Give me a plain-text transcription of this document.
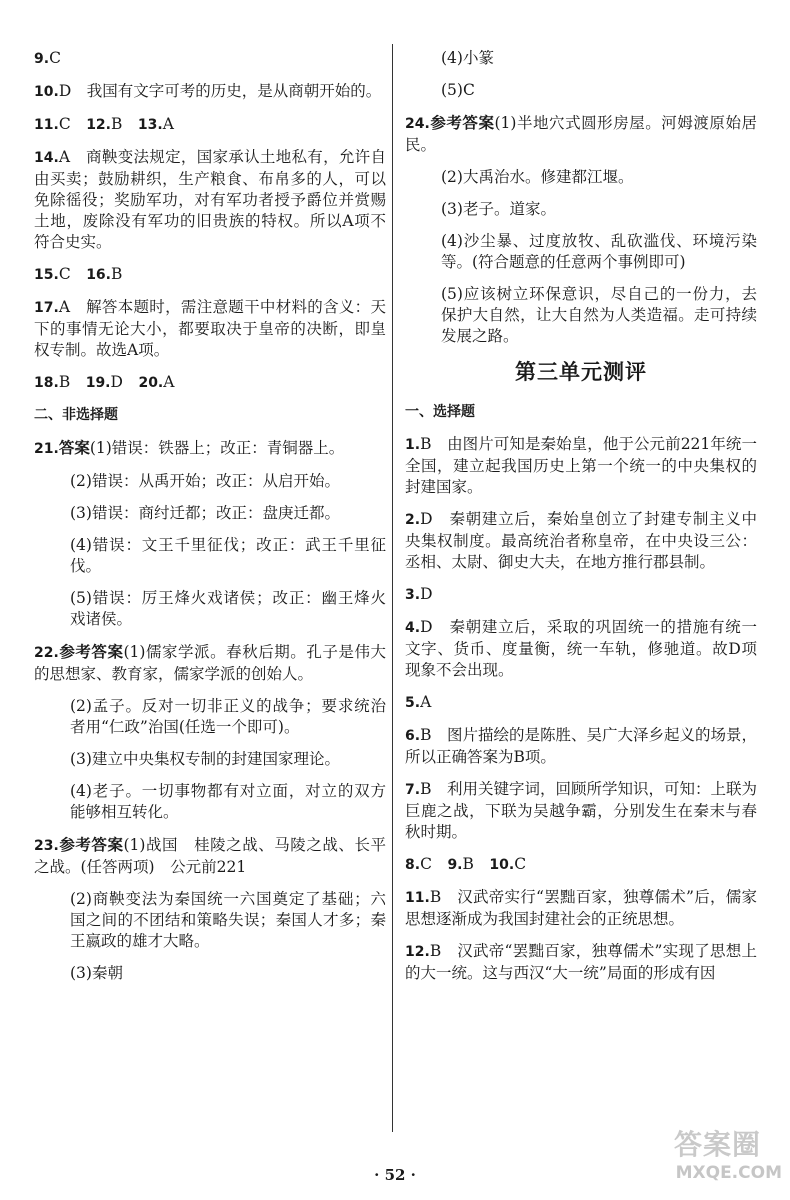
9.C

10.D　我国有文字可考的历史，是从商朝开始的。

11.C　12.B　13.A

14.A　商鞅变法规定，国家承认土地私有，允许自由买卖；鼓励耕织，生产粮食、布帛多的人，可以免除徭役；奖励军功，对有军功者授予爵位并赏赐土地，废除没有军功的旧贵族的特权。所以A项不符合史实。

15.C　16.B

17.A　解答本题时，需注意题干中材料的含义：天下的事情无论大小，都要取决于皇帝的决断，即皇权专制。故选A项。

18.B　19.D　20.A

二、非选择题

21.答案(1)错误：铁器上；改正：青铜器上。

(2)错误：从禹开始；改正：从启开始。

(3)错误：商纣迁都；改正：盘庚迁都。

(4)错误：文王千里征伐；改正：武王千里征伐。

(5)错误：厉王烽火戏诸侯；改正：幽王烽火戏诸侯。

22.参考答案(1)儒家学派。春秋后期。孔子是伟大的思想家、教育家，儒家学派的创始人。

(2)孟子。反对一切非正义的战争；要求统治者用“仁政”治国(任选一个即可)。

(3)建立中央集权专制的封建国家理论。

(4)老子。一切事物都有对立面，对立的双方能够相互转化。

23.参考答案(1)战国　桂陵之战、马陵之战、长平之战。(任答两项)　公元前221

(2)商鞅变法为秦国统一六国奠定了基础；六国之间的不团结和策略失误；秦国人才多；秦王嬴政的雄才大略。

(3)秦朝

(4)小篆

(5)C

24.参考答案(1)半地穴式圆形房屋。河姆渡原始居民。

(2)大禹治水。修建都江堰。

(3)老子。道家。

(4)沙尘暴、过度放牧、乱砍滥伐、环境污染等。(符合题意的任意两个事例即可)

(5)应该树立环保意识，尽自己的一份力，去保护大自然，让大自然为人类造福。走可持续发展之路。

第三单元测评

一、选择题

1.B　由图片可知是秦始皇，他于公元前221年统一全国，建立起我国历史上第一个统一的中央集权的封建国家。

2.D　秦朝建立后，秦始皇创立了封建专制主义中央集权制度。最高统治者称皇帝，在中央设三公：丞相、太尉、御史大夫，在地方推行郡县制。

3.D

4.D　秦朝建立后，采取的巩固统一的措施有统一文字、货币、度量衡，统一车轨，修驰道。故D项现象不会出现。

5.A

6.B　图片描绘的是陈胜、吴广大泽乡起义的场景，所以正确答案为B项。

7.B　利用关键字词，回顾所学知识，可知：上联为巨鹿之战，下联为吴越争霸，分别发生在秦末与春秋时期。

8.C　9.B　10.C

11.B　汉武帝实行“罢黜百家，独尊儒术”后，儒家思想逐渐成为我国封建社会的正统思想。

12.B　汉武帝“罢黜百家，独尊儒术”实现了思想上的大一统。这与西汉“大一统”局面的形成有因

· 52 ·
答案圈
MXQE.COM
